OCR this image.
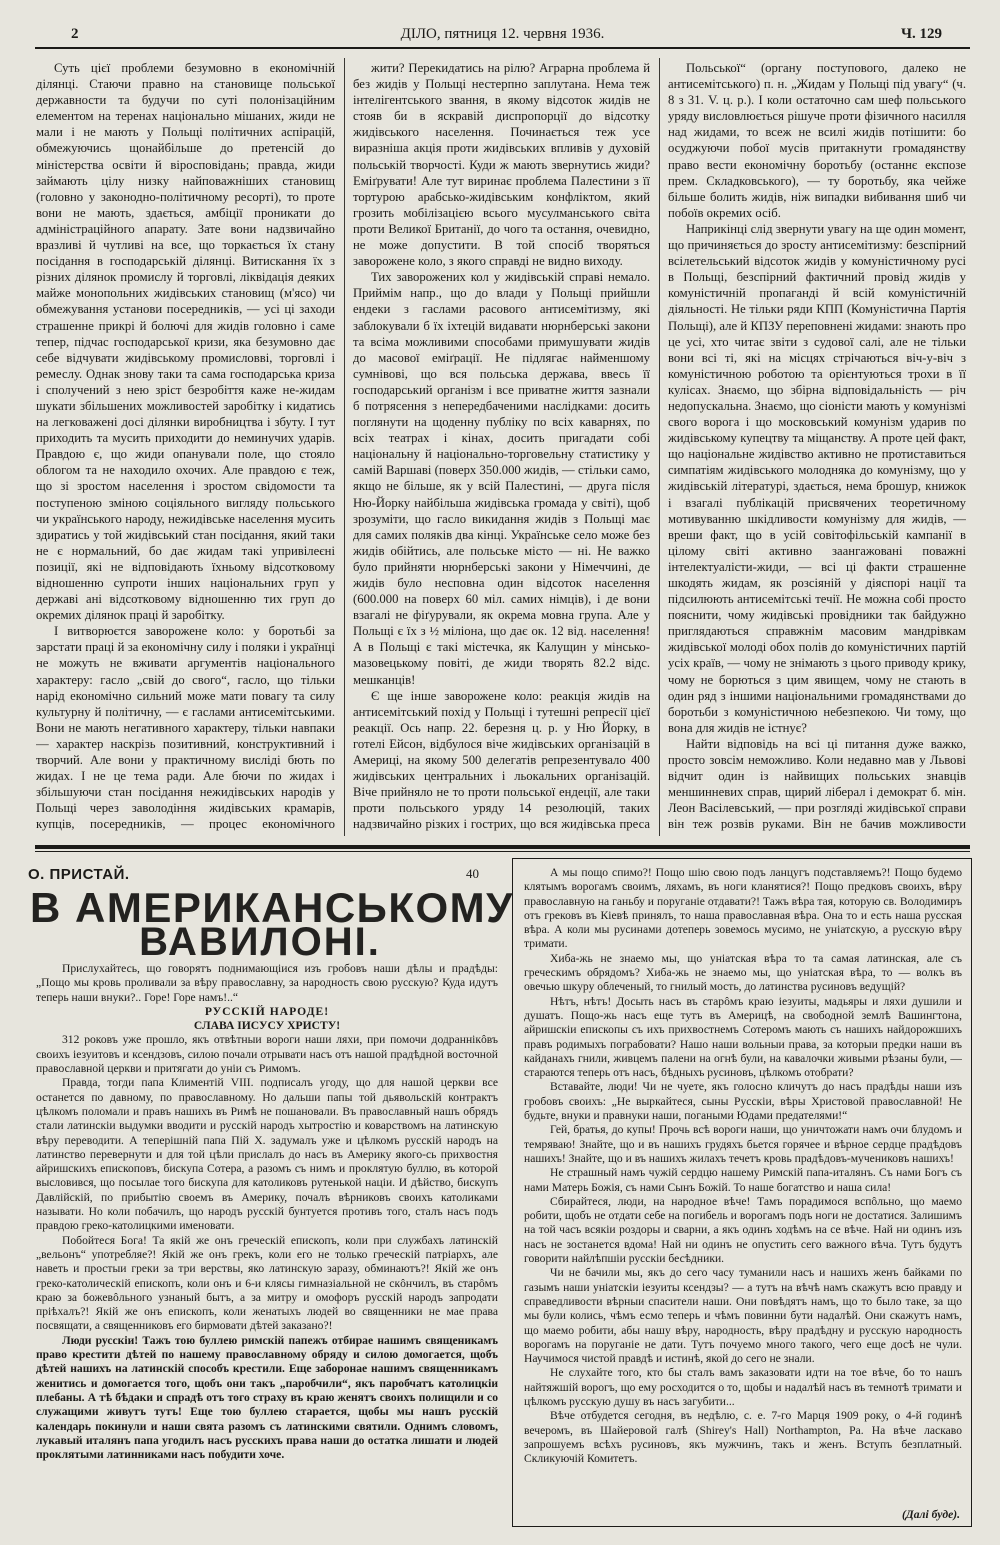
2	ДІЛО, пятниця 12. червня 1936.	Ч. 129

Суть цієї проблеми безумовно в економічній ділянці. Стаючи правно на становище польської державности та будучи по суті полонізаційним елементом на теренах національно мішаних, жиди не мали і не мають у Польщі політичних аспірацій, обмежуючись щонайбільше до претенсій до міністерства освіти й віросповідань; правда, жиди займають цілу низку найповажніших становищ (головно у законодно-політичному ресорті), то проте вони не мають, здається, амбіції проникати до адміністраційного апарату. Зате вони надзвичайно вразливі й чутливі на все, що торкається їх стану посідання в господарській ділянці. Витискання їх з різних ділянок промислу й торговлі, ліквідація деяких майже монопольних жидівських становищ (м'ясо) чи обмежування установи посередників, — усі ці заходи страшенне прикрі й болючі для жидів головно і саме тепер, підчас господарської кризи, яка безумовно дає себе відчувати жидівському промисловві, торговлі і ремеслу. Однак знову таки та сама господарська криза і сполучений з нею зріст безробіття каже не-жидам шукати збільшених можливостей заробітку і кидатись на легковажені досі ділянки виробництва і збуту. І тут приходить та мусить приходити до неминучих ударів. Правдою є, що жиди опанували поле, що стояло облогом та не находило охочих. Але правдою є теж, що зі зростом населення і зростом свідомости та поступеною зміною соціяльного вигляду польського чи українського народу, нежидівське населення мусить здиратись у той жидівський стан посідання, який таки не є нормальний, бо дає жидам такі упривілеєні позиції, які не відповідають їхньому відсотковому відношенню супроти інших національних груп у державі ані відсотковому відношенню тих груп до окремих ділянок праці й заробітку.

І витворюєтся заворожене коло: у боротьбі за зарстати праці й за економічну силу і поляки і українці не можуть не вживати аргументів національного характеру: гасло „свій до свого“, гасло, що тільки нарід економічно сильний може мати повагу та силу культурну й політичну, — є гаслами антисемітськими. Вони не мають негативного характеру, тільки навпаки — характер наскрізь позитивний, конструктивний і творчий. Але вони у практичному висліді бють по жидах. І не це тема ради. Але бючи по жидах і збільшуючи стан посідання нежидівських народів у Польщі через заволодіння жидівських крамарів, купців, посередників, — процес економічного

жити? Перекидатись на рілю? Аграрна проблема й без жидів у Польщі нестерпно заплутана. Нема теж інтелігентського звання, в якому відсоток жидів не стояв би в яскравій диспропорції до відсотку жидівського населення. Починається теж усе виразніша акція проти жидівських впливів у духовій польській творчості. Куди ж мають звернутись жиди? Еміґрувати! Але тут виринає проблема Палестини з її тортурою арабсько-жидівським конфліктом, який грозить мобілізацією всього мусулманського світа проти Великої Британії, до чого та остання, очевидно, не може допустити. В той спосіб творяться заворожене коло, з якого справді не видно виходу.

Тих заворожених кол у жидівській справі немало. Приймім напр., що до влади у Польщі прийшли ендеки з гаслами расового антисемітизму, які заблокували б їх іхтецій видавати нюрнберські закони та всіма можливими способами примушувати жидів до масової еміґрації. Не підлягає найменшому сумнівові, що вся польська держава, ввесь її господарський організм і все приватне життя зазнали б потрясення з непередбаченими наслідками: досить поглянути на щоденну публіку по всіх каварнях, по всіх театрах і кінах, досить пригадати собі національну й національно-торговельну статистику у самій Варшаві (поверх 350.000 жидів, — стільки само, якщо не більше, як у всій Палестині, — друга після Ню-Йорку найбільша жидівська громада у світі), щоб зрозуміти, що гасло викидання жидів з Польщі має для самих поляків два кінці. Українське село може без жидів обійтись, але польське місто — ні. Не важко було прийняти нюрнберські закони у Німеччині, де жидів було несповна один відсоток населення (600.000 на поверх 60 міл. самих німців), і де вони взагалі не фіґурували, як окрема мовна група. Але у Польщі є їх з ½ міліона, що дає ок. 12 від. населення! А в Польщі є такі містечка, як Калущин у мінсько-мазовецькому повіті, де жиди творять 82.2 відс. мешканців!

Є ще інше заворожене коло: реакція жидів на антисемітський похід у Польщі і тутешні репресії цієї реакції. Ось напр. 22. березня ц. р. у Ню Йорку, в готелі Ейсон, відбулося віче жидівських організацій в Америці, на якому 500 делегатів репрезентувало 400 жидівських центральних і льокальних організацій. Віче прийняло не то проти польської ендеції, але таки проти польського уряду 14 резолюцій, таких надзвичайно різких і гострих, що вся жидівська преса

Польської“ (органу поступового, далеко не антисемітського) п. н. „Жидам у Польщі під увагу“ (ч. 8 з 31. V. ц. р.). І коли остаточно сам шеф польського уряду висловлюється рішуче проти фізичного насилля над жидами, то всеж не всилі жидів потішити: бо осуджуючи побої мусів притакнути громадянству право вести економічну боротьбу (останнє експозе прем. Складковського), — ту боротьбу, яка чейже більше болить жидів, ніж випадки вибивання шиб чи побоїв окремих осіб.

Наприкінці слід звернути увагу на ще один момент, що причиняється до зросту антисемітизму: безспірний всілетельський відсоток жидів у комуністичному русі в Польщі, безспірний фактичний провід жидів у комуністичній пропаганді й всій комуністичній діяльності. Не тільки ряди КПП (Комуністична Партія Польщі), але й КПЗУ переповнені жидами: знають про це усі, хто читає звіти з судової салі, але не тільки вони всі ті, які на місцях стрічаються віч-у-віч з комуністичною роботою та орієнтуються трохи в її кулісах. Знаємо, що збірна відповідальність — річ недопускальна. Знаємо, що сіоністи мають у комунізмі свого ворога і що московський комунізм ударив по жидівському купецтву та міщанству. А проте цей факт, що національне жидівство активно не протиставиться симпатіям жидівського молодняка до комунізму, що у жидівській літературі, здається, нема брошур, книжок і взагалі публікацій присвячених теоретичному мотивуванню шкідливости комунізму для жидів, — вреши факт, що в усій совітофільській кампанії в цілому світі активно заангажовані поважні інтелектуалісти-жиди, — всі ці факти страшенне шкодять жидам, як розсіяній у діяспорі нації та підсилюють антисемітські течії. Не можна собі просто пояснити, чому жидівські провідники так байдужно приглядаються справжнім масовим мандрівкам жидівської молоді обох полів до комуністичних партій усіх країв, — чому не знімають з цього приводу крику, чому не борються з цим явищем, чому не стають в один ряд з іншими національними громадянствами до боротьби з комуністичною небезпекою. Чи тому, що вона для жидів не істнує?

Найти відповідь на всі ці питання дуже важко, просто зовсім неможливо. Коли недавно мав у Львові відчит один із найвищих польських знавців меншинневих справ, щирий ліберал і демократ б. мін. Леон Васілевський, — при розгляді жидівської справи він теж розвів руками. Він не бачив можливости

О. ПРИСТАЙ.	40
В АМЕРИКАНСЬКОМУ
ВАВИЛОНІ.

Прислухайтесь, що говорятъ поднимающіися изъ гробовъ наши дѣлы и прадѣды: „Пощо мы кровь проливали за вѣру православну, за народность свою русскую? Куда идутъ теперь наши внуки?.. Горе! Горе намъ!..“

РУССКІЙ НАРОДЕ!

СЛАВА ІИСУСУ ХРИСТУ!

312 роковъ уже прошло, якъ отвѣтныи вороги наши ляхи, при помочи додраннікôвъ своихъ iезуитовъ и ксендзовъ, силою почали отрывати насъ отъ нашой прадѣдной восточной православной церкви и притягати до уніи съ Римомъ.

Правда, тогди папа Климентій VIII. подписалъ угоду, що для нашой церкви все останется по давному, по православному. Но дальши папы той дьявольскій контрактъ цѣлкомъ поломали и правъ нашихъ въ Римѣ не пошановали. Въ православный нашъ обрядъ стали латинскіи выдумки вводити и русскій народъ хытростію и коварствомъ на латинскую вѣру переводити. А теперішній папа Пій Х. задумалъ уже и цѣлкомъ русскій народъ на латинство перевернути и для той цѣли прислалъ до насъ въ Америку якого-сь прихвостня айришскихъ епископовъ, бискупа Сотера, а разомъ съ нимъ и проклятую буллю, въ которой высловився, що посылае того бискупа для католиковъ рутенькой націи. И дѣйство, бискупъ Давлійскій, по прибытію своемъ въ Америку, почалъ вѣрниковъ своихъ католиками называти. Но коли побачилъ, що народъ русскій бунтуется противъ того, сталъ насъ подъ правдою греко-католицкими именовати.

Побойтеся Бога! Та якій же онъ греческій епископъ, коли при службахъ латинскій „вельонъ“ употребляе?! Якій же онъ грекъ, коли его не только греческій патріархъ, але наветь и простыи греки за три верствы, яко латинскую заразу, обминаютъ?! Якій же онъ греко-католическій епископъ, коли онъ и 6-и клясы гимназіальной не скôнчилъ, въ старôмъ краю за божевôльного узнаный бытъ, а за митру и омофоръ русскій народъ запродати пріѣхалъ?! Якій же онъ епископъ, коли женатыхъ людей во священники не мае права посвящати, а священниковъ его бирмовати дѣтей заказано?!

Люди русскіи! Тажъ тою буллею римскій папежъ отбирае нашимъ священикамъ право крестити дѣтей по нашему православному обряду и силою домогается, щобъ дѣтей нашихъ на латинскій способъ крестили. Еще заборонае нашимъ священникамъ женитись и домогается того, щобъ они такъ „паробчили“, якъ паробчатъ католицкіи плебаны. А тѣ бѣдаки и спрадѣ отъ того страху въ краю женятъ своихъ полищили и со служащими живутъ тутъ! Еще тою буллею старается, щобы мы нашъ русскій календарь покинули и наши свята разомъ съ латинскими святили. Однимъ словомъ, лукавый италянъ папа угодилъ насъ русскихъ права наши до остатка лишати и людей проклятыми латинниками насъ побудити хоче.

А мы пощо спимо?! Пощо шію свою подъ ланцугъ подставляемъ?! Пощо будемо клятымъ ворогамъ своимъ, ляхамъ, въ ноги кланятися?! Пощо предковъ своихъ, вѣру православную на ганьбу и поруганіе отдавати?! Тажъ вѣра тая, которую св. Володимиръ отъ грековъ въ Кіевѣ принялъ, то наша православная вѣра. Она то и есть наша русская вѣра. А коли мы русинами дотеперь зовемось мусимо, не уніатскую, а русскую вѣру тримати.

Хиба-жь не знаемо мы, що уніатская вѣра то та самая латинская, але съ греческимъ обрядомъ? Хиба-жь не знаемо мы, що уніатская вѣра, то — волкъ въ овечью шкуру облеченый, то гнилый мость, до латинства русиновъ ведущій?

Нѣтъ, нѣтъ! Досыть насъ въ старôмъ краю iезуиты, мадьяры и ляхи душили и душатъ. Пощо-жь насъ еще тутъ въ Америцѣ, на свободной землѣ Вашингтона, айришскіи епископы съ ихъ прихвостнемъ Сотеромъ мають съ нашихъ найдорожшихъ правъ родимыхъ пограбовати? Нашо наши вольныи права, за которыи предки наши въ кайданахъ гнили, живцемъ палени на огнѣ були, на кавалочки живыми рѣзаны були, — стараются теперь отъ насъ, бѣдныхъ русиновъ, цѣлкомъ отобрати?

Вставайте, люди! Чи не чуете, якъ голосно кличутъ до насъ прадѣды наши изъ гробовъ своихъ: „Не выркайтеся, сыны Русскіи, вѣры Христовой православной! Не будьте, внуки и правнуки наши, погаными Юдами предателями!“

Гей, братья, до купы! Прочь всѣ вороги наши, що уничтожати намъ очи блудомъ и темряваю! Знайте, що и въ нашихъ грудяхъ бьется горячее и вѣрное сердце прадѣдовъ нашихъ! Знайте, що и въ нашихъ жилахъ течетъ кровь прадѣдовъ-мучениковъ нашихъ!

Не страшный намъ чужій сердцю нашему Римскій папа-италянъ. Съ нами Богъ съ нами Матерь Божія, съ нами Сынъ Божій. То наше богатство и наша сила!

Сбирайтеся, люди, на народное вѣче! Тамъ порадимося вспôльно, що маемо робити, щобъ не отдати себе на погибель и ворогамъ подъ ноги не достатися. Залишимъ на той часъ всякіи роздоры и сварни, а якъ одинъ ходѣмъ на се вѣче. Най ни одинъ изъ насъ не зостанется вдома! Най ни одинъ не опустить сего важного вѣча. Тутъ будутъ говорити найлѣпшіи русскіи бесѣдники.

Чи не бачили мы, якъ до сего часу туманили насъ и нашихъ женъ байками по газымъ наши уніатскіи iезуиты ксендзы? — а тутъ на вѣчѣ намъ скажутъ всю правду и справедливости вѣрныи спасители наши. Они повѣдятъ намъ, що то было таке, за що мы були колись, чѣмъ есмо теперь и чѣмъ повинни бути надалѣй. Они скажутъ намъ, що маемо робити, абы нашу вѣру, народность, вѣру прадѣдну и русскую народность ворогамъ на поруганіе не дати. Тутъ почуемо много такого, чего еще досѣ не чули. Научимося чистой правдѣ и истинѣ, якой до сего не знали.

Не слухайте того, кто бы сталъ вамъ заказовати идти на тое вѣче, бо то нашъ найтяжшій ворогъ, що ему росходится о то, щобы и надалѣй насъ въ темнотѣ тримати и цѣлкомъ русскую душу въ насъ загубити...

Вѣче отбудется сегодня, въ недѣлю, с. е. 7-го Марця 1909 року, о 4-й годинѣ вечеромъ, въ Шайеровой галѣ (Shirey's Hall) Northampton, Pa. На вѣче ласкаво запрошуемъ всѣхъ русиновъ, якъ мужчинъ, такъ и женъ. Вступъ безплатный. Скликуючій Комитетъ.

(Далі буде).
